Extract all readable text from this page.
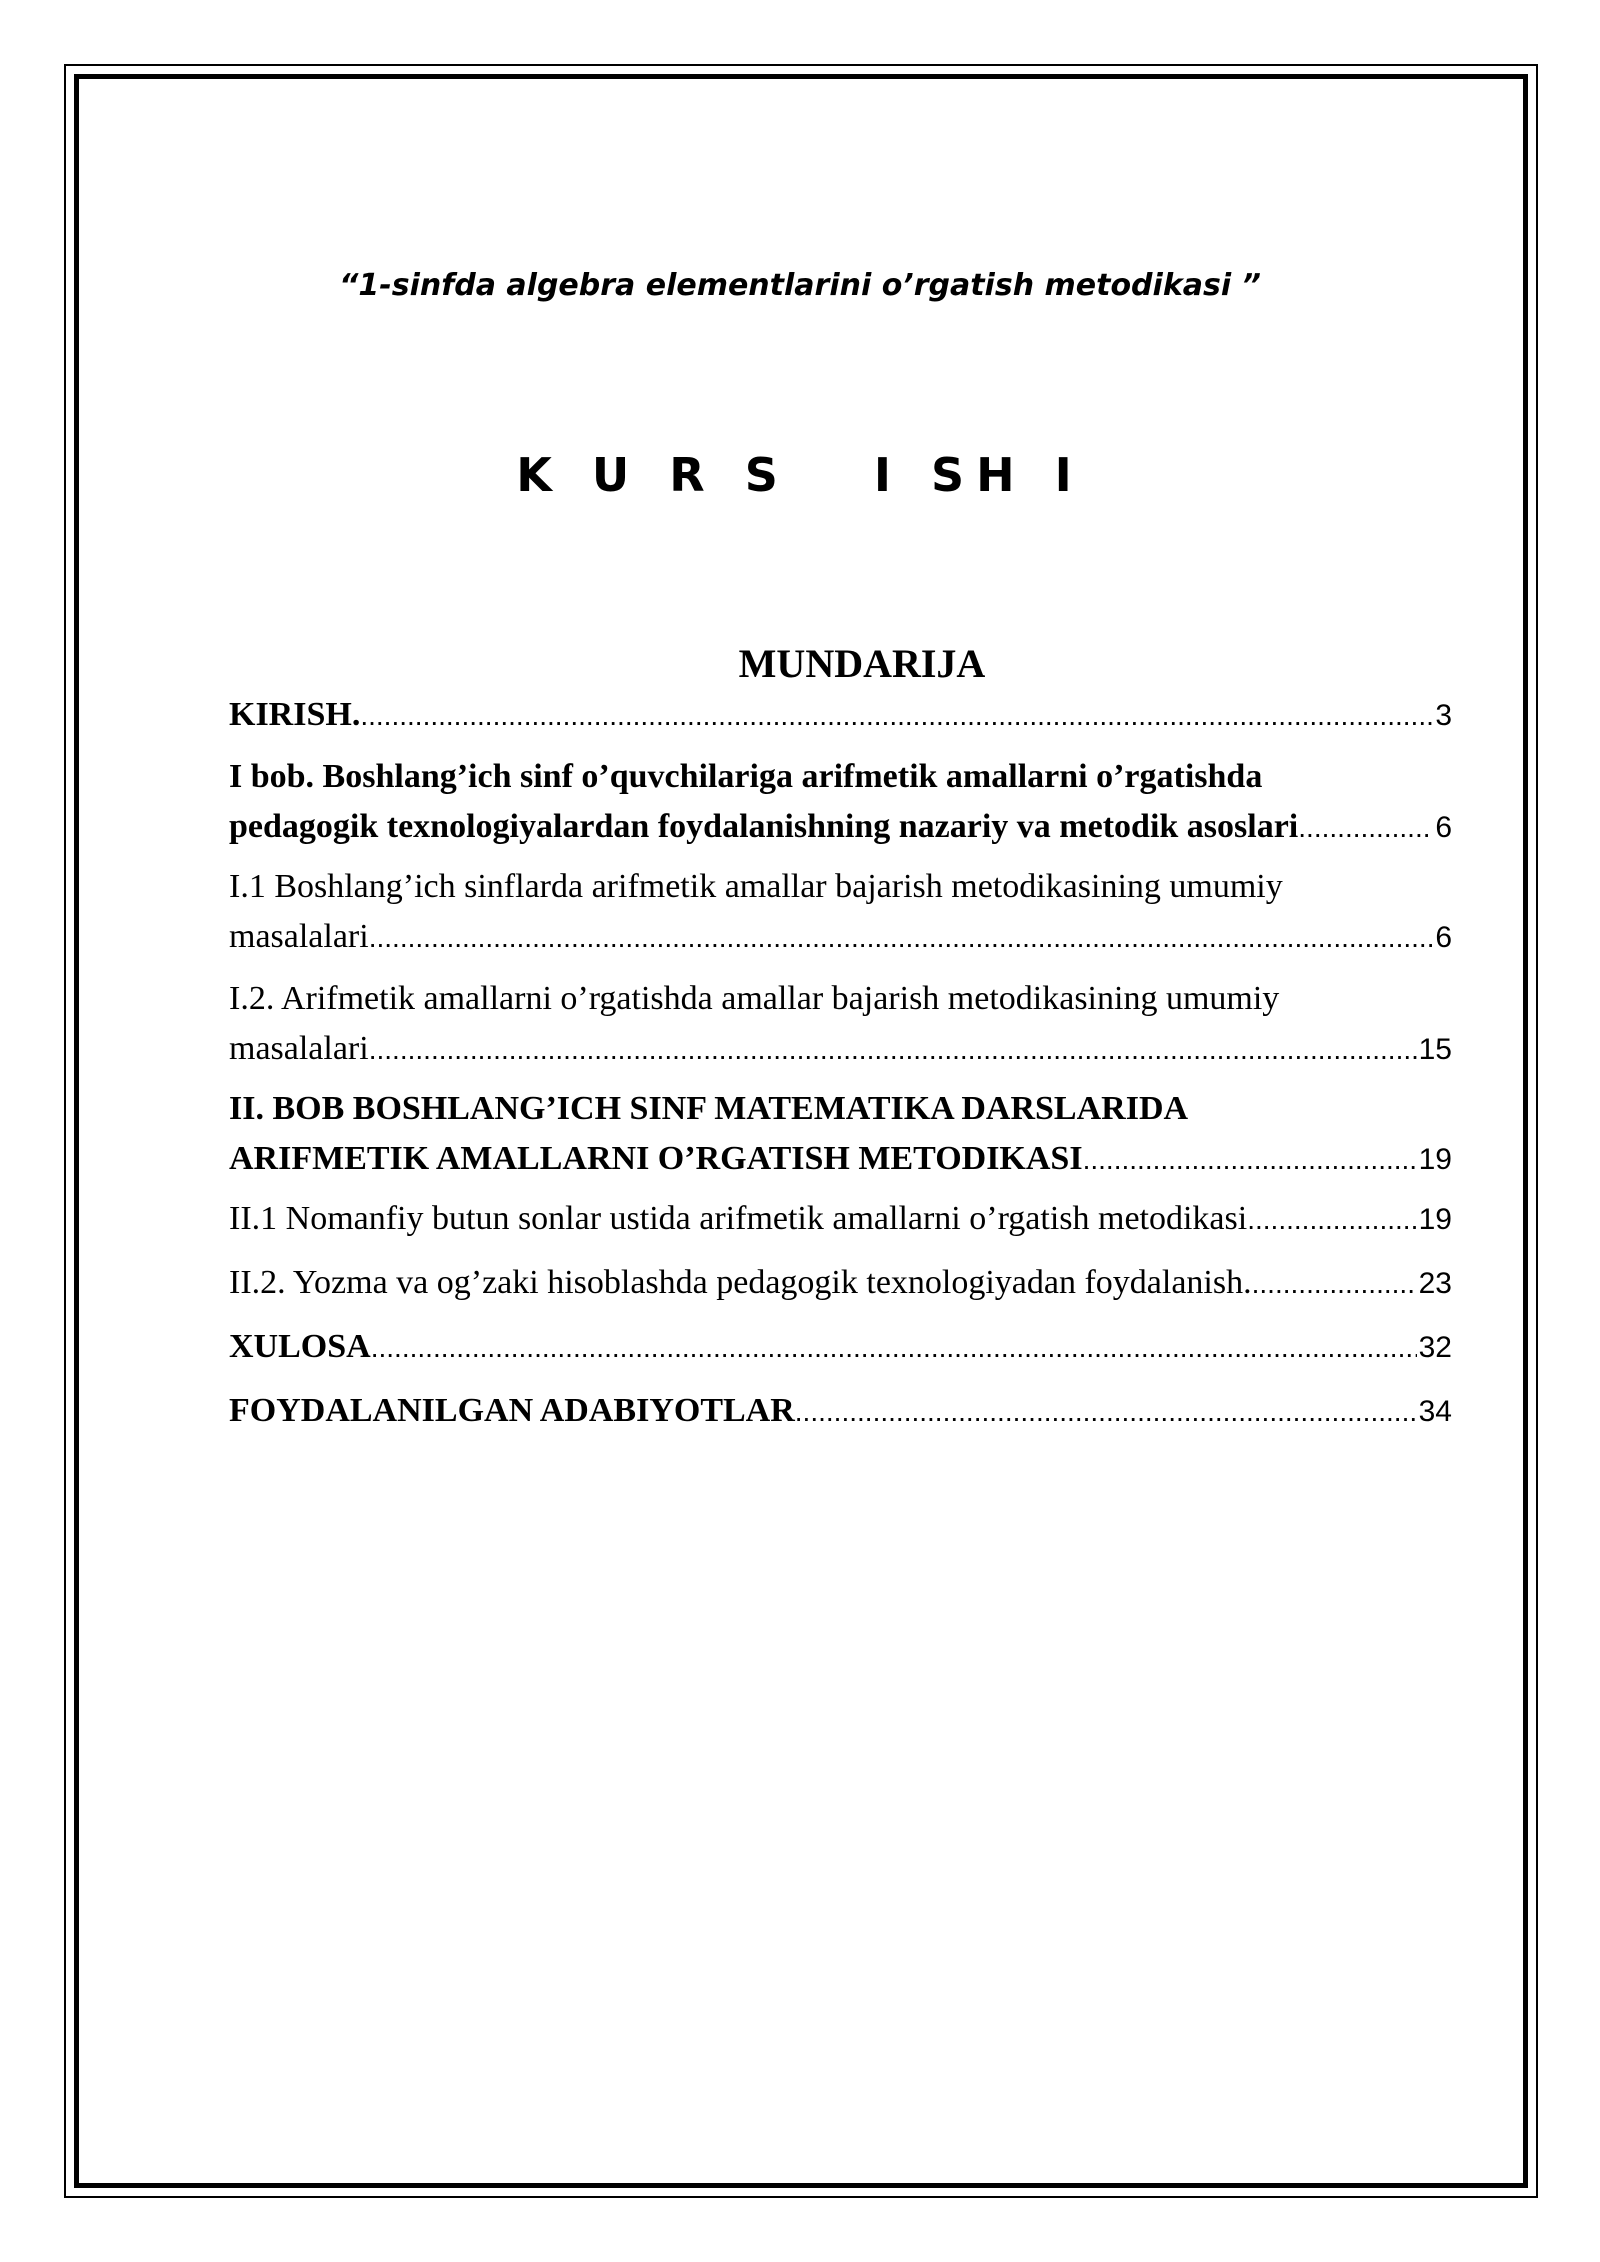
“1-sinfda algebra elementlarini o’rgatish metodikasi ”
K U R S   I SH I
MUNDARIJA
KIRISH. .....	3
I bob. Boshlang’ich sinf o’quvchilariga arifmetik amallarni o’rgatishda
pedagogik texnologiyalardan foydalanishning nazariy va metodik asoslari .....	6
I.1 Boshlang’ich sinflarda arifmetik amallar bajarish metodikasining umumiy
masalalari .....	6
I.2. Arifmetik amallarni o’rgatishda amallar bajarish metodikasining umumiy
masalalari .....	15
II. BOB BOSHLANG’ICH SINF MATEMATIKA DARSLARIDA
ARIFMETIK AMALLARNI O’RGATISH METODIKASI .....	19
II.1 Nomanfiy butun sonlar ustida arifmetik amallarni o’rgatish metodikasi .....	19
II.2. Yozma va og’zaki hisoblashda pedagogik texnologiyadan foydalanish. .....	23
XULOSA .....	32
FOYDALANILGAN ADABIYOTLAR .....	34
